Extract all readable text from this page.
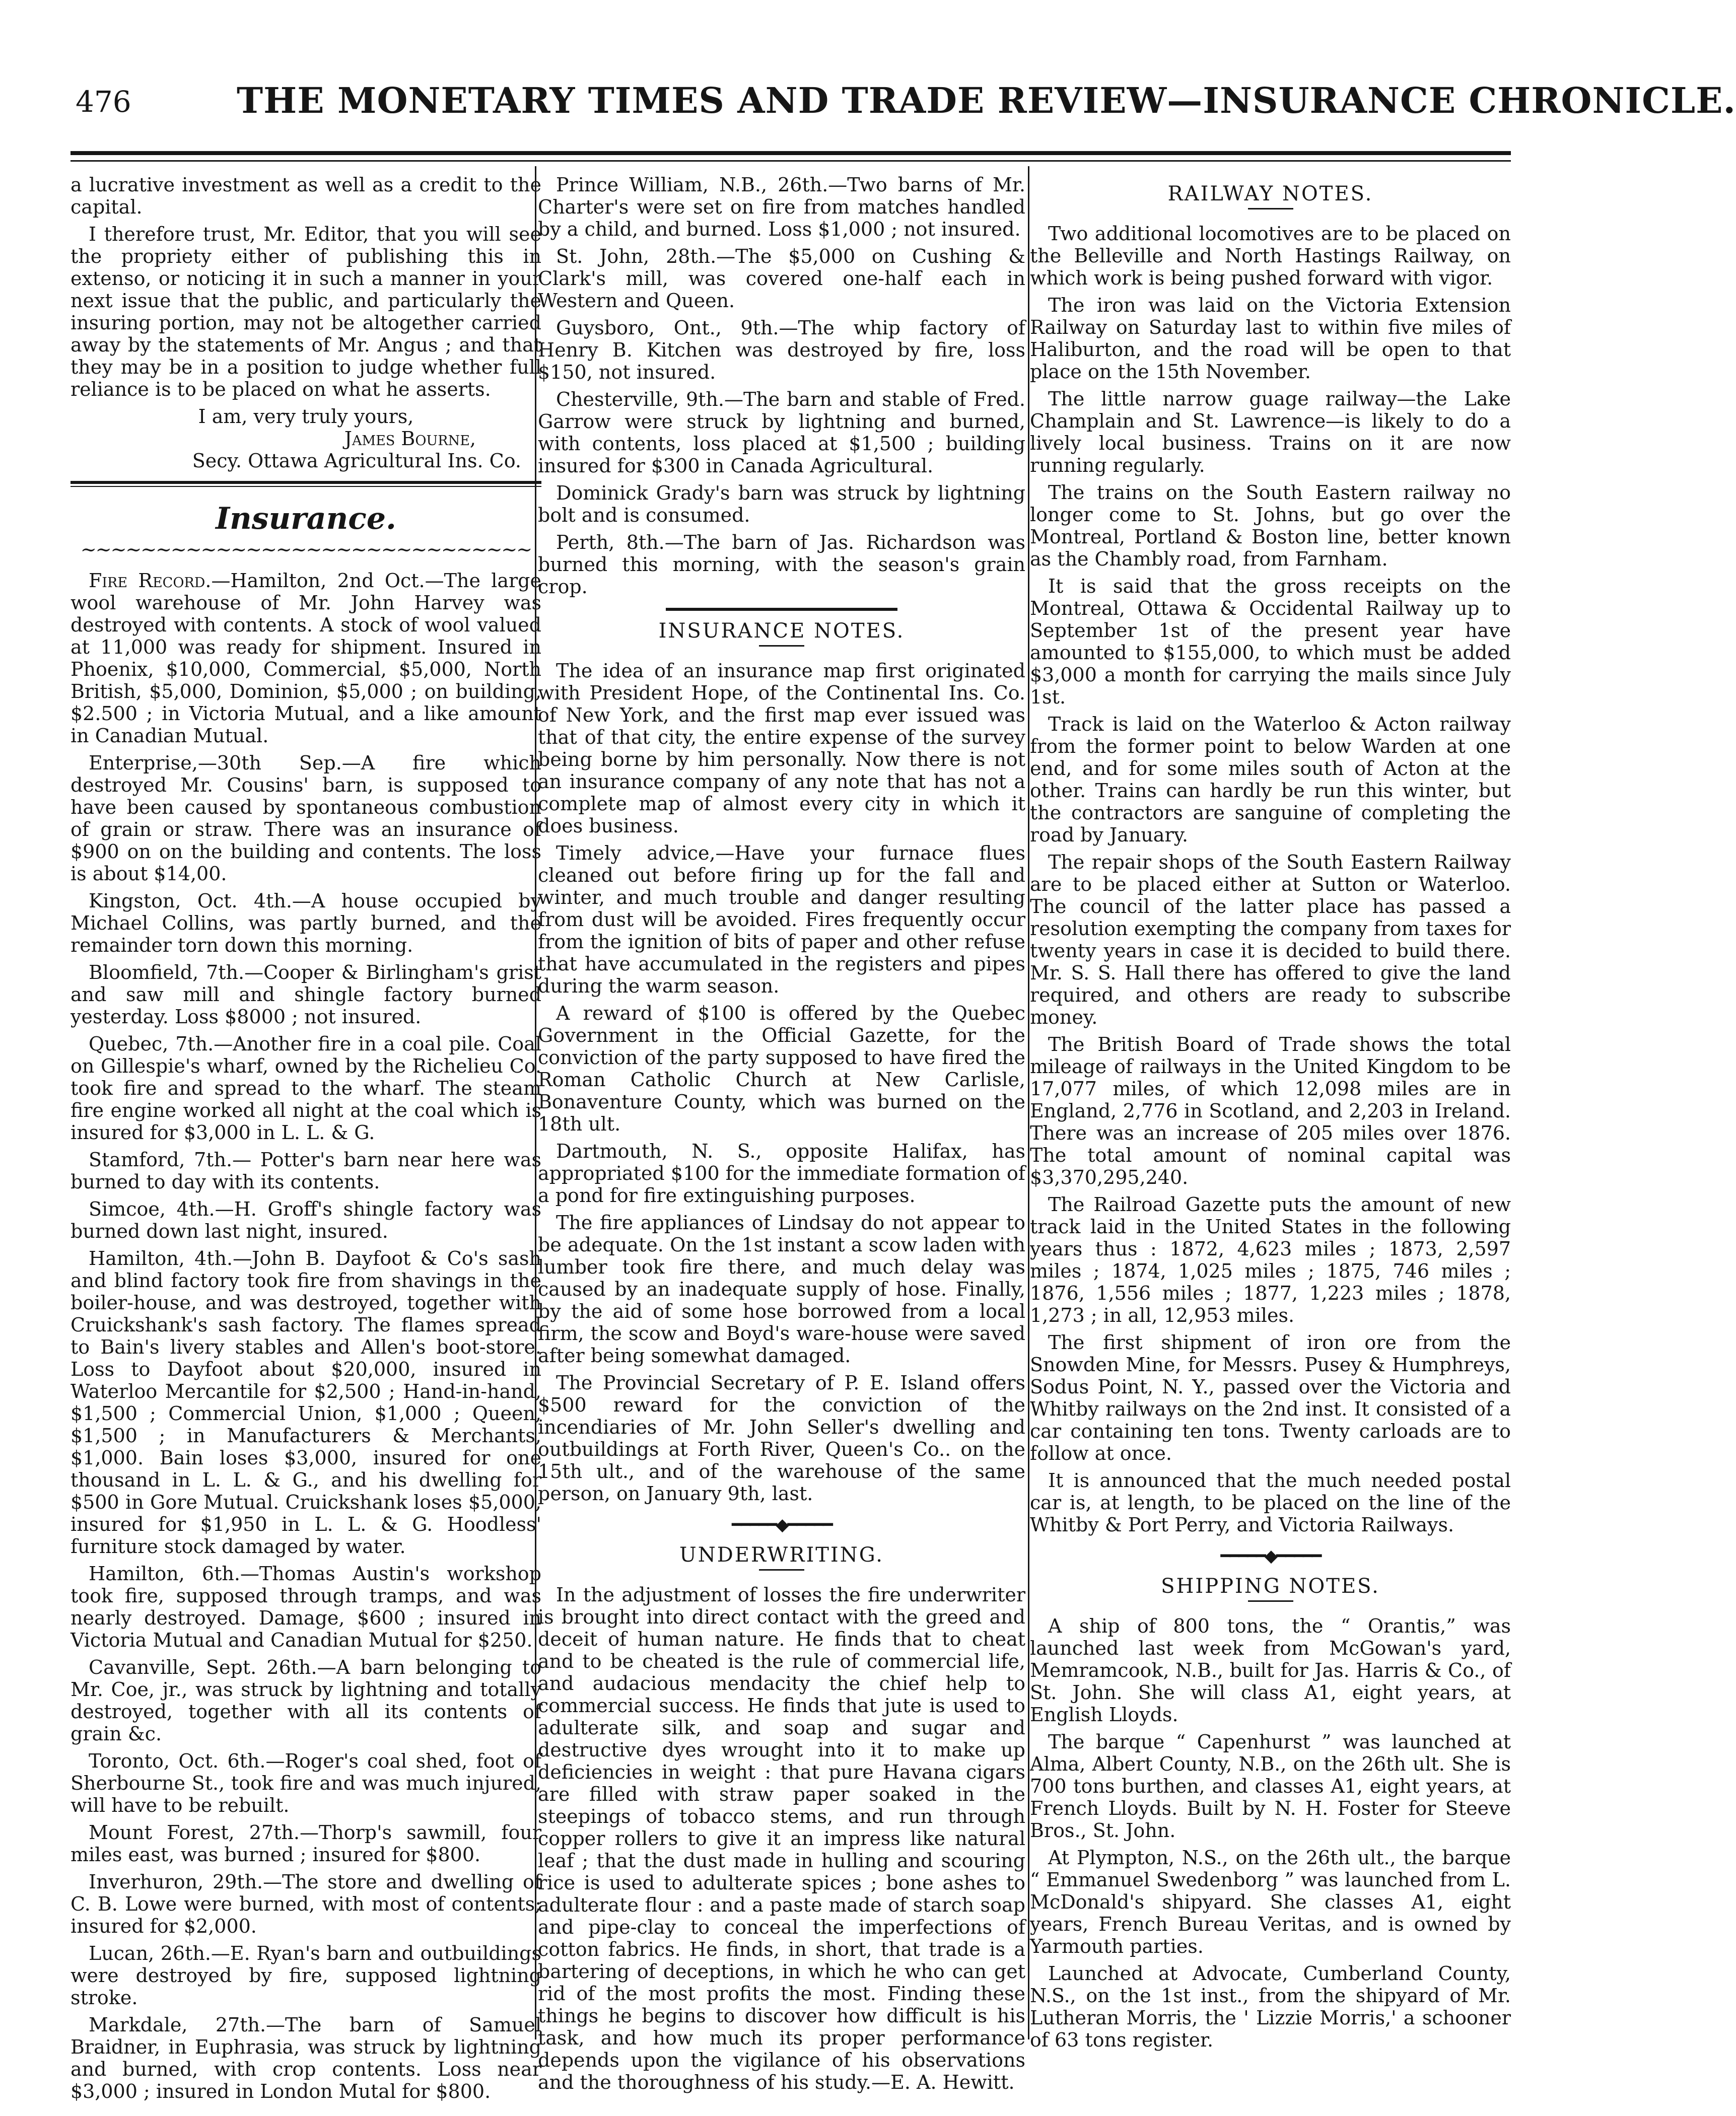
476	THE MONETARY TIMES AND TRADE REVIEW—INSURANCE CHRONICLE.

a lucrative investment as well as a credit to the capital.

I therefore trust, Mr. Editor, that you will see the propriety either of publishing this in extenso, or noticing it in such a manner in your next issue that the public, and particularly the insuring portion, may not be altogether carried away by the statements of Mr. Angus ; and that they may be in a position to judge whether full reliance is to be placed on what he asserts.

I am, very truly yours,

James Bourne,

Secy. Ottawa Agricultural Ins. Co.

Insurance.
~~~~~~~~~~~~~~~~~~~~~~~~~~~~~~

Fire Record.—Hamilton, 2nd Oct.—The large wool warehouse of Mr. John Harvey was destroyed with contents. A stock of wool valued at 11,000 was ready for shipment. Insured in Phoenix, $10,000, Commercial, $5,000, North British, $5,000, Dominion, $5,000 ; on building, $2.500 ; in Victoria Mutual, and a like amount in Canadian Mutual.

Enterprise,—30th Sep.—A fire which destroyed Mr. Cousins' barn, is supposed to have been caused by spontaneous combustion of grain or straw. There was an insurance of $900 on on the building and contents. The loss is about $14,00.

Kingston, Oct. 4th.—A house occupied by Michael Collins, was partly burned, and the remainder torn down this morning.

Bloomfield, 7th.—Cooper & Birlingham's grist and saw mill and shingle factory burned yesterday. Loss $8000 ; not insured.

Quebec, 7th.—Another fire in a coal pile. Coal on Gillespie's wharf, owned by the Richelieu Co. took fire and spread to the wharf. The steam fire engine worked all night at the coal which is insured for $3,000 in L. L. & G.

Stamford, 7th.— Potter's barn near here was burned to day with its contents.

Simcoe, 4th.—H. Groff's shingle factory was burned down last night, insured.

Hamilton, 4th.—John B. Dayfoot & Co's sash and blind factory took fire from shavings in the boiler-house, and was destroyed, together with Cruickshank's sash factory. The flames spread to Bain's livery stables and Allen's boot-store. Loss to Dayfoot about $20,000, insured in Waterloo Mercantile for $2,500 ; Hand-in-hand, $1,500 ; Commercial Union, $1,000 ; Queen, $1,500 ; in Manufacturers & Merchants, $1,000. Bain loses $3,000, insured for one thousand in L. L. & G., and his dwelling for $500 in Gore Mutual. Cruickshank loses $5,000, insured for $1,950 in L. L. & G. Hoodless' furniture stock damaged by water.

Hamilton, 6th.—Thomas Austin's workshop took fire, supposed through tramps, and was nearly destroyed. Damage, $600 ; insured in Victoria Mutual and Canadian Mutual for $250.

Cavanville, Sept. 26th.—A barn belonging to Mr. Coe, jr., was struck by lightning and totally destroyed, together with all its contents of grain &c.

Toronto, Oct. 6th.—Roger's coal shed, foot of Sherbourne St., took fire and was much injured, will have to be rebuilt.

Mount Forest, 27th.—Thorp's sawmill, four miles east, was burned ; insured for $800.

Inverhuron, 29th.—The store and dwelling of C. B. Lowe were burned, with most of contents; insured for $2,000.

Lucan, 26th.—E. Ryan's barn and outbuildings were destroyed by fire, supposed lightning stroke.

Markdale, 27th.—The barn of Samuel Braidner, in Euphrasia, was struck by lightning and burned, with crop contents. Loss near $3,000 ; insured in London Mutal for $800.

Prince William, N.B., 26th.—Two barns of Mr. Charter's were set on fire from matches handled by a child, and burned. Loss $1,000 ; not insured.

St. John, 28th.—The $5,000 on Cushing & Clark's mill, was covered one-half each in Western and Queen.

Guysboro, Ont., 9th.—The whip factory of Henry B. Kitchen was destroyed by fire, loss $150, not insured.

Chesterville, 9th.—The barn and stable of Fred. Garrow were struck by lightning and burned, with contents, loss placed at $1,500 ; building insured for $300 in Canada Agricultural.

Dominick Grady's barn was struck by lightning bolt and is consumed.

Perth, 8th.—The barn of Jas. Richardson was burned this morning, with the season's grain crop.

INSURANCE NOTES.

The idea of an insurance map first originated with President Hope, of the Continental Ins. Co. of New York, and the first map ever issued was that of that city, the entire expense of the survey being borne by him personally. Now there is not an insurance company of any note that has not a complete map of almost every city in which it does business.

Timely advice,—Have your furnace flues cleaned out before firing up for the fall and winter, and much trouble and danger resulting from dust will be avoided. Fires frequently occur from the ignition of bits of paper and other refuse that have accumulated in the registers and pipes during the warm season.

A reward of $100 is offered by the Quebec Government in the Official Gazette, for the conviction of the party supposed to have fired the Roman Catholic Church at New Carlisle, Bonaventure County, which was burned on the 18th ult.

Dartmouth, N. S., opposite Halifax, has appropriated $100 for the immediate formation of a pond for fire extinguishing purposes.

The fire appliances of Lindsay do not appear to be adequate. On the 1st instant a scow laden with lumber took fire there, and much delay was caused by an inadequate supply of hose. Finally, by the aid of some hose borrowed from a local firm, the scow and Boyd's ware-house were saved after being somewhat damaged.

The Provincial Secretary of P. E. Island offers $500 reward for the conviction of the incendiaries of Mr. John Seller's dwelling and outbuildings at Forth River, Queen's Co.. on the 15th ult., and of the warehouse of the same person, on January 9th, last.

━━━━━◆━━━━━
UNDERWRITING.

In the adjustment of losses the fire underwriter is brought into direct contact with the greed and deceit of human nature. He finds that to cheat and to be cheated is the rule of commercial life, and audacious mendacity the chief help to commercial success. He finds that jute is used to adulterate silk, and soap and sugar and destructive dyes wrought into it to make up deficiencies in weight : that pure Havana cigars are filled with straw paper soaked in the steepings of tobacco stems, and run through copper rollers to give it an impress like natural leaf ; that the dust made in hulling and scouring rice is used to adulterate spices ; bone ashes to adulterate flour : and a paste made of starch soap and pipe-clay to conceal the imperfections of cotton fabrics. He finds, in short, that trade is a bartering of deceptions, in which he who can get rid of the most profits the most. Finding these things he begins to discover how difficult is his task, and how much its proper performance depends upon the vigilance of his observations and the thoroughness of his study.—E. A. Hewitt.

RAILWAY NOTES.

Two additional locomotives are to be placed on the Belleville and North Hastings Railway, on which work is being pushed forward with vigor.

The iron was laid on the Victoria Extension Railway on Saturday last to within five miles of Haliburton, and the road will be open to that place on the 15th November.

The little narrow guage railway—the Lake Champlain and St. Lawrence—is likely to do a lively local business. Trains on it are now running regularly.

The trains on the South Eastern railway no longer come to St. Johns, but go over the Montreal, Portland & Boston line, better known as the Chambly road, from Farnham.

It is said that the gross receipts on the Montreal, Ottawa & Occidental Railway up to September 1st of the present year have amounted to $155,000, to which must be added $3,000 a month for carrying the mails since July 1st.

Track is laid on the Waterloo & Acton railway from the former point to below Warden at one end, and for some miles south of Acton at the other. Trains can hardly be run this winter, but the contractors are sanguine of completing the road by January.

The repair shops of the South Eastern Railway are to be placed either at Sutton or Waterloo. The council of the latter place has passed a resolution exempting the company from taxes for twenty years in case it is decided to build there. Mr. S. S. Hall there has offered to give the land required, and others are ready to subscribe money.

The British Board of Trade shows the total mileage of railways in the United Kingdom to be 17,077 miles, of which 12,098 miles are in England, 2,776 in Scotland, and 2,203 in Ireland. There was an increase of 205 miles over 1876. The total amount of nominal capital was $3,370,295,240.

The Railroad Gazette puts the amount of new track laid in the United States in the following years thus : 1872, 4,623 miles ; 1873, 2,597 miles ; 1874, 1,025 miles ; 1875, 746 miles ; 1876, 1,556 miles ; 1877, 1,223 miles ; 1878, 1,273 ; in all, 12,953 miles.

The first shipment of iron ore from the Snowden Mine, for Messrs. Pusey & Humphreys, Sodus Point, N. Y., passed over the Victoria and Whitby railways on the 2nd inst. It consisted of a car containing ten tons. Twenty carloads are to follow at once.

It is announced that the much needed postal car is, at length, to be placed on the line of the Whitby & Port Perry, and Victoria Railways.

━━━━━◆━━━━━
SHIPPING NOTES.

A ship of 800 tons, the “ Orantis,” was launched last week from McGowan's yard, Memramcook, N.B., built for Jas. Harris & Co., of St. John. She will class A1, eight years, at English Lloyds.

The barque “ Capenhurst ” was launched at Alma, Albert County, N.B., on the 26th ult. She is 700 tons burthen, and classes A1, eight years, at French Lloyds. Built by N. H. Foster for Steeve Bros., St. John.

At Plympton, N.S., on the 26th ult., the barque “ Emmanuel Swedenborg ” was launched from L. McDonald's shipyard. She classes A1, eight years, French Bureau Veritas, and is owned by Yarmouth parties.

Launched at Advocate, Cumberland County, N.S., on the 1st inst., from the shipyard of Mr. Lutheran Morris, the ' Lizzie Morris,' a schooner of 63 tons register.
